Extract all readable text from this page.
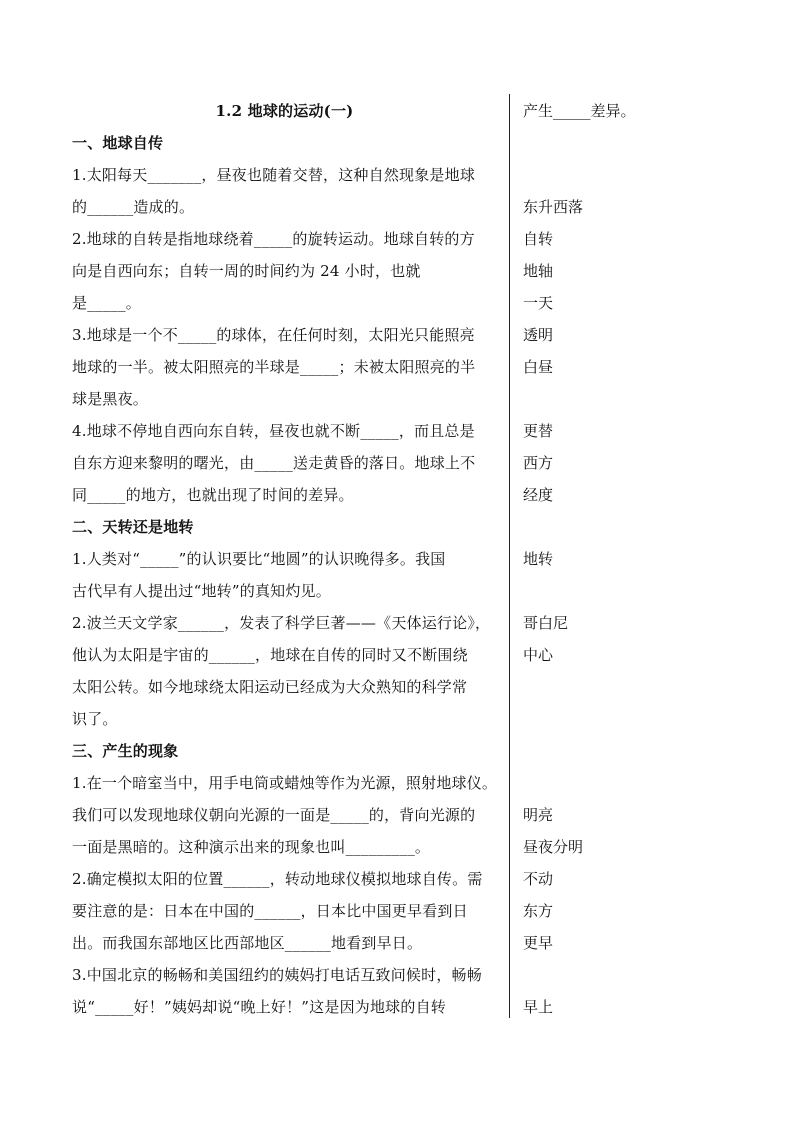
1.2 地球的运动(一)	产生_____差异。
一、地球自传
1.太阳每天_______，昼夜也随着交替，这种自然现象是地球
的______造成的。
2.地球的自转是指地球绕着_____的旋转运动。地球自转的方
向是自西向东；自转一周的时间约为 24 小时，也就
是_____。
3.地球是一个不_____的球体，在任何时刻，太阳光只能照亮
地球的一半。被太阳照亮的半球是_____；未被太阳照亮的半
球是黑夜。
4.地球不停地自西向东自转，昼夜也就不断_____，而且总是
自东方迎来黎明的曙光，由_____送走黄昏的落日。地球上不
同_____的地方，也就出现了时间的差异。
二、天转还是地转
1.人类对“_____”的认识要比“地圆”的认识晚得多。我国
古代早有人提出过“地转”的真知灼见。
2.波兰天文学家______，发表了科学巨著——《天体运行论》，
他认为太阳是宇宙的______，地球在自传的同时又不断围绕
太阳公转。如今地球绕太阳运动已经成为大众熟知的科学常
识了。
三、产生的现象
1.在一个暗室当中，用手电筒或蜡烛等作为光源，照射地球仪。
我们可以发现地球仪朝向光源的一面是_____的，背向光源的
一面是黑暗的。这种演示出来的现象也叫_________。
2.确定模拟太阳的位置______，转动地球仪模拟地球自传。需
要注意的是：日本在中国的______，日本比中国更早看到日
出。而我国东部地区比西部地区______地看到早日。
3.中国北京的畅畅和美国纽约的姨妈打电话互致问候时，畅畅
说“_____好！”姨妈却说“晚上好！”这是因为地球的自转
东升西落
自转
地轴
一天
透明
白昼
更替
西方
经度
地转
哥白尼
中心
明亮
昼夜分明
不动
东方
更早
早上
